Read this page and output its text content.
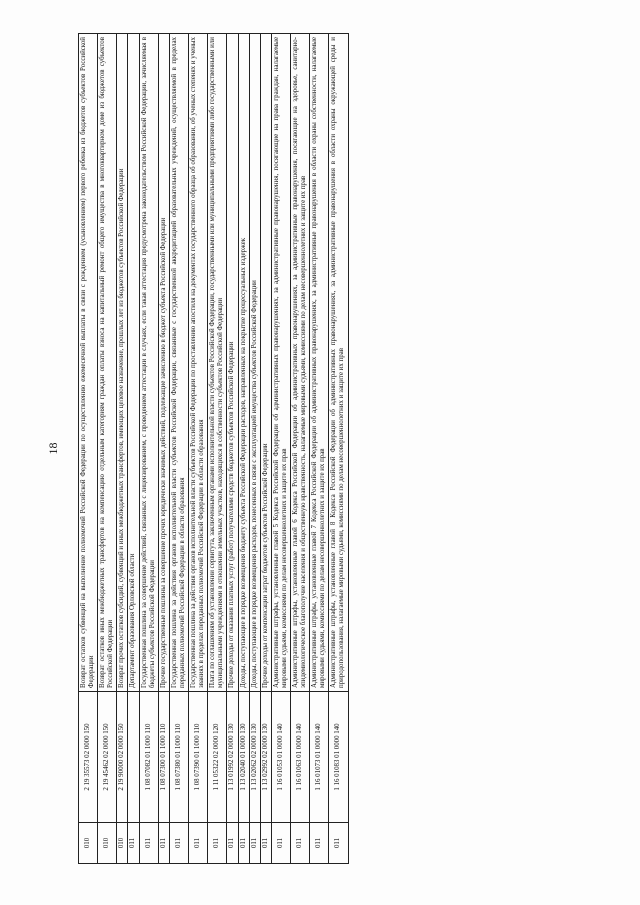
18
010	2 19 35573 02 0000 150	Возврат остатков субвенций на выполнение полномочий Российской Федерации по осуществлению ежемесячной выплаты в связи с рождением (усыновлением) первого ребенка из бюджетов субъектов Российской Федерации
010	2 19 45462 02 0000 150	Возврат остатков иных межбюджетных трансфертов на компенсацию отдельным категориям граждан оплаты взноса на капитальный ремонт общего имущества в многоквартирном доме из бюджетов субъектов Российской Федерации
010	2 19 90000 02 0000 150	Возврат прочих остатков субсидий, субвенций и иных межбюджетных трансфертов, имеющих целевое назначение, прошлых лет из бюджетов субъектов Российской Федерации
011		Департамент образования Орловской области
011	1 08 07082 01 1000 110	Государственная пошлина за совершение действий, связанных с лицензированием, с проведением аттестации в случаях, если такая аттестация предусмотрена законодательством Российской Федерации, зачисляемая в бюджеты субъектов Российской Федерации
011	1 08 07300 01 1000 110	Прочие государственные пошлины за совершение прочих юридически значимых действий, подлежащие зачислению в бюджет субъекта Российской Федерации
011	1 08 07380 01 1000 110	Государственная пошлина за действия органов исполнительной власти субъектов Российской Федерации, связанные с государственной аккредитацией образовательных учреждений, осуществляемой в пределах переданных полномочий Российской Федерации в области образования
011	1 08 07390 01 1000 110	Государственная пошлина за действия органов исполнительной власти субъектов Российской Федерации по проставлению апостиля на документах государственного образца об образовании, об ученых степенях и ученых званиях в пределах переданных полномочий Российской Федерации в области образования
011	1 11 05322 02 0000 120	Плата по соглашениям об установлении сервитута, заключенным органами исполнительной власти субъектов Российской Федерации, государственными или муниципальными предприятиями либо государственными или муниципальными учреждениями в отношении земельных участков, находящихся в собственности субъектов Российской Федерации
011	1 13 01992 02 0000 130	Прочие доходы от оказания платных услуг (работ) получателями средств бюджетов субъектов Российской Федерации
011	1 13 02040 01 0000 130	Доходы, поступающие в порядке возмещения бюджету субъекта Российской Федерации расходов, направленных на покрытие процессуальных издержек
011	1 13 02062 02 0000 130	Доходы, поступающие в порядке возмещения расходов, понесенных в связи с эксплуатацией имущества субъектов Российской Федерации
011	1 13 02992 02 0000 130	Прочие доходы от компенсации затрат бюджетов субъектов Российской Федерации
011	1 16 01053 01 0000 140	Административные штрафы, установленные главой 5 Кодекса Российской Федерации об административных правонарушениях, за административные правонарушения, посягающие на права граждан, налагаемые мировыми судьями, комиссиями по делам несовершеннолетних и защите их прав
011	1 16 01063 01 0000 140	Административные штрафы, установленные главой 6 Кодекса Российской Федерации об административных правонарушениях, за административные правонарушения, посягающие на здоровье, санитарно-эпидемиологическое благополучие населения и общественную нравственность, налагаемые мировыми судьями, комиссиями по делам несовершеннолетних и защите их прав
011	1 16 01073 01 0000 140	Административные штрафы, установленные главой 7 Кодекса Российской Федерации об административных правонарушениях, за административные правонарушения в области охраны собственности, налагаемые мировыми судьями, комиссиями по делам несовершеннолетних и защите их прав
011	1 16 01083 01 0000 140	Административные штрафы, установленные главой 8 Кодекса Российской Федерации об административных правонарушениях, за административные правонарушения в области охраны окружающей среды и природопользования, налагаемые мировыми судьями, комиссиями по делам несовершеннолетних и защите их прав
